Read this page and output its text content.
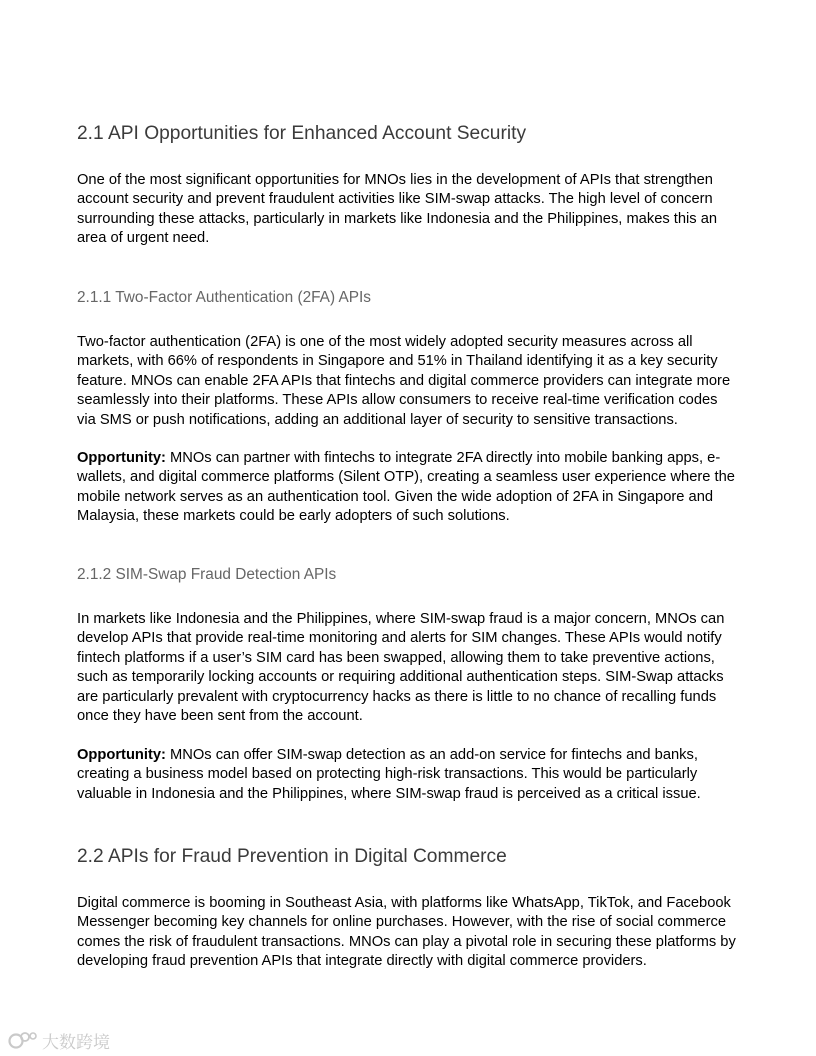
2.1 API Opportunities for Enhanced Account Security

One of the most significant opportunities for MNOs lies in the development of APIs that strengthen account security and prevent fraudulent activities like SIM-swap attacks. The high level of concern surrounding these attacks, particularly in markets like Indonesia and the Philippines, makes this an area of urgent need.

2.1.1 Two-Factor Authentication (2FA) APIs

Two-factor authentication (2FA) is one of the most widely adopted security measures across all markets, with 66% of respondents in Singapore and 51% in Thailand identifying it as a key security feature. MNOs can enable 2FA APIs that fintechs and digital commerce providers can integrate more seamlessly into their platforms. These APIs allow consumers to receive real-time verification codes via SMS or push notifications, adding an additional layer of security to sensitive transactions.

Opportunity: MNOs can partner with fintechs to integrate 2FA directly into mobile banking apps, e-wallets, and digital commerce platforms (Silent OTP), creating a seamless user experience where the mobile network serves as an authentication tool. Given the wide adoption of 2FA in Singapore and Malaysia, these markets could be early adopters of such solutions.

2.1.2 SIM-Swap Fraud Detection APIs

In markets like Indonesia and the Philippines, where SIM-swap fraud is a major concern, MNOs can develop APIs that provide real-time monitoring and alerts for SIM changes. These APIs would notify fintech platforms if a user’s SIM card has been swapped, allowing them to take preventive actions, such as temporarily locking accounts or requiring additional authentication steps. SIM-Swap attacks are particularly prevalent with cryptocurrency hacks as there is little to no chance of recalling funds once they have been sent from the account.

Opportunity: MNOs can offer SIM-swap detection as an add-on service for fintechs and banks, creating a business model based on protecting high-risk transactions. This would be particularly valuable in Indonesia and the Philippines, where SIM-swap fraud is perceived as a critical issue.

2.2 APIs for Fraud Prevention in Digital Commerce

Digital commerce is booming in Southeast Asia, with platforms like WhatsApp, TikTok, and Facebook Messenger becoming key channels for online purchases. However, with the rise of social commerce comes the risk of fraudulent transactions. MNOs can play a pivotal role in securing these platforms by developing fraud prevention APIs that integrate directly with digital commerce providers.

大数跨境
